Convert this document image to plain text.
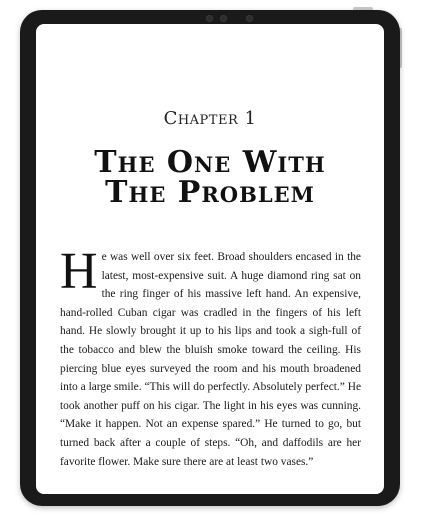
Chapter 1
The One With
The Problem

He was well over six feet. Broad shoulders encased in the latest, most-expensive suit. A huge diamond ring sat on the ring finger of his massive left hand. An expensive, hand-rolled Cuban cigar was cradled in the fingers of his left hand. He slowly brought it up to his lips and took a sigh-full of the tobacco and blew the bluish smoke toward the ceiling. His piercing blue eyes surveyed the room and his mouth broadened into a large smile. “This will do perfectly. Absolutely perfect.” He took another puff on his cigar. The light in his eyes was cunning. “Make it happen. Not an expense spared.” He turned to go, but turned back after a couple of steps. “Oh, and daffodils are her favorite flower. Make sure there are at least two vases.”
